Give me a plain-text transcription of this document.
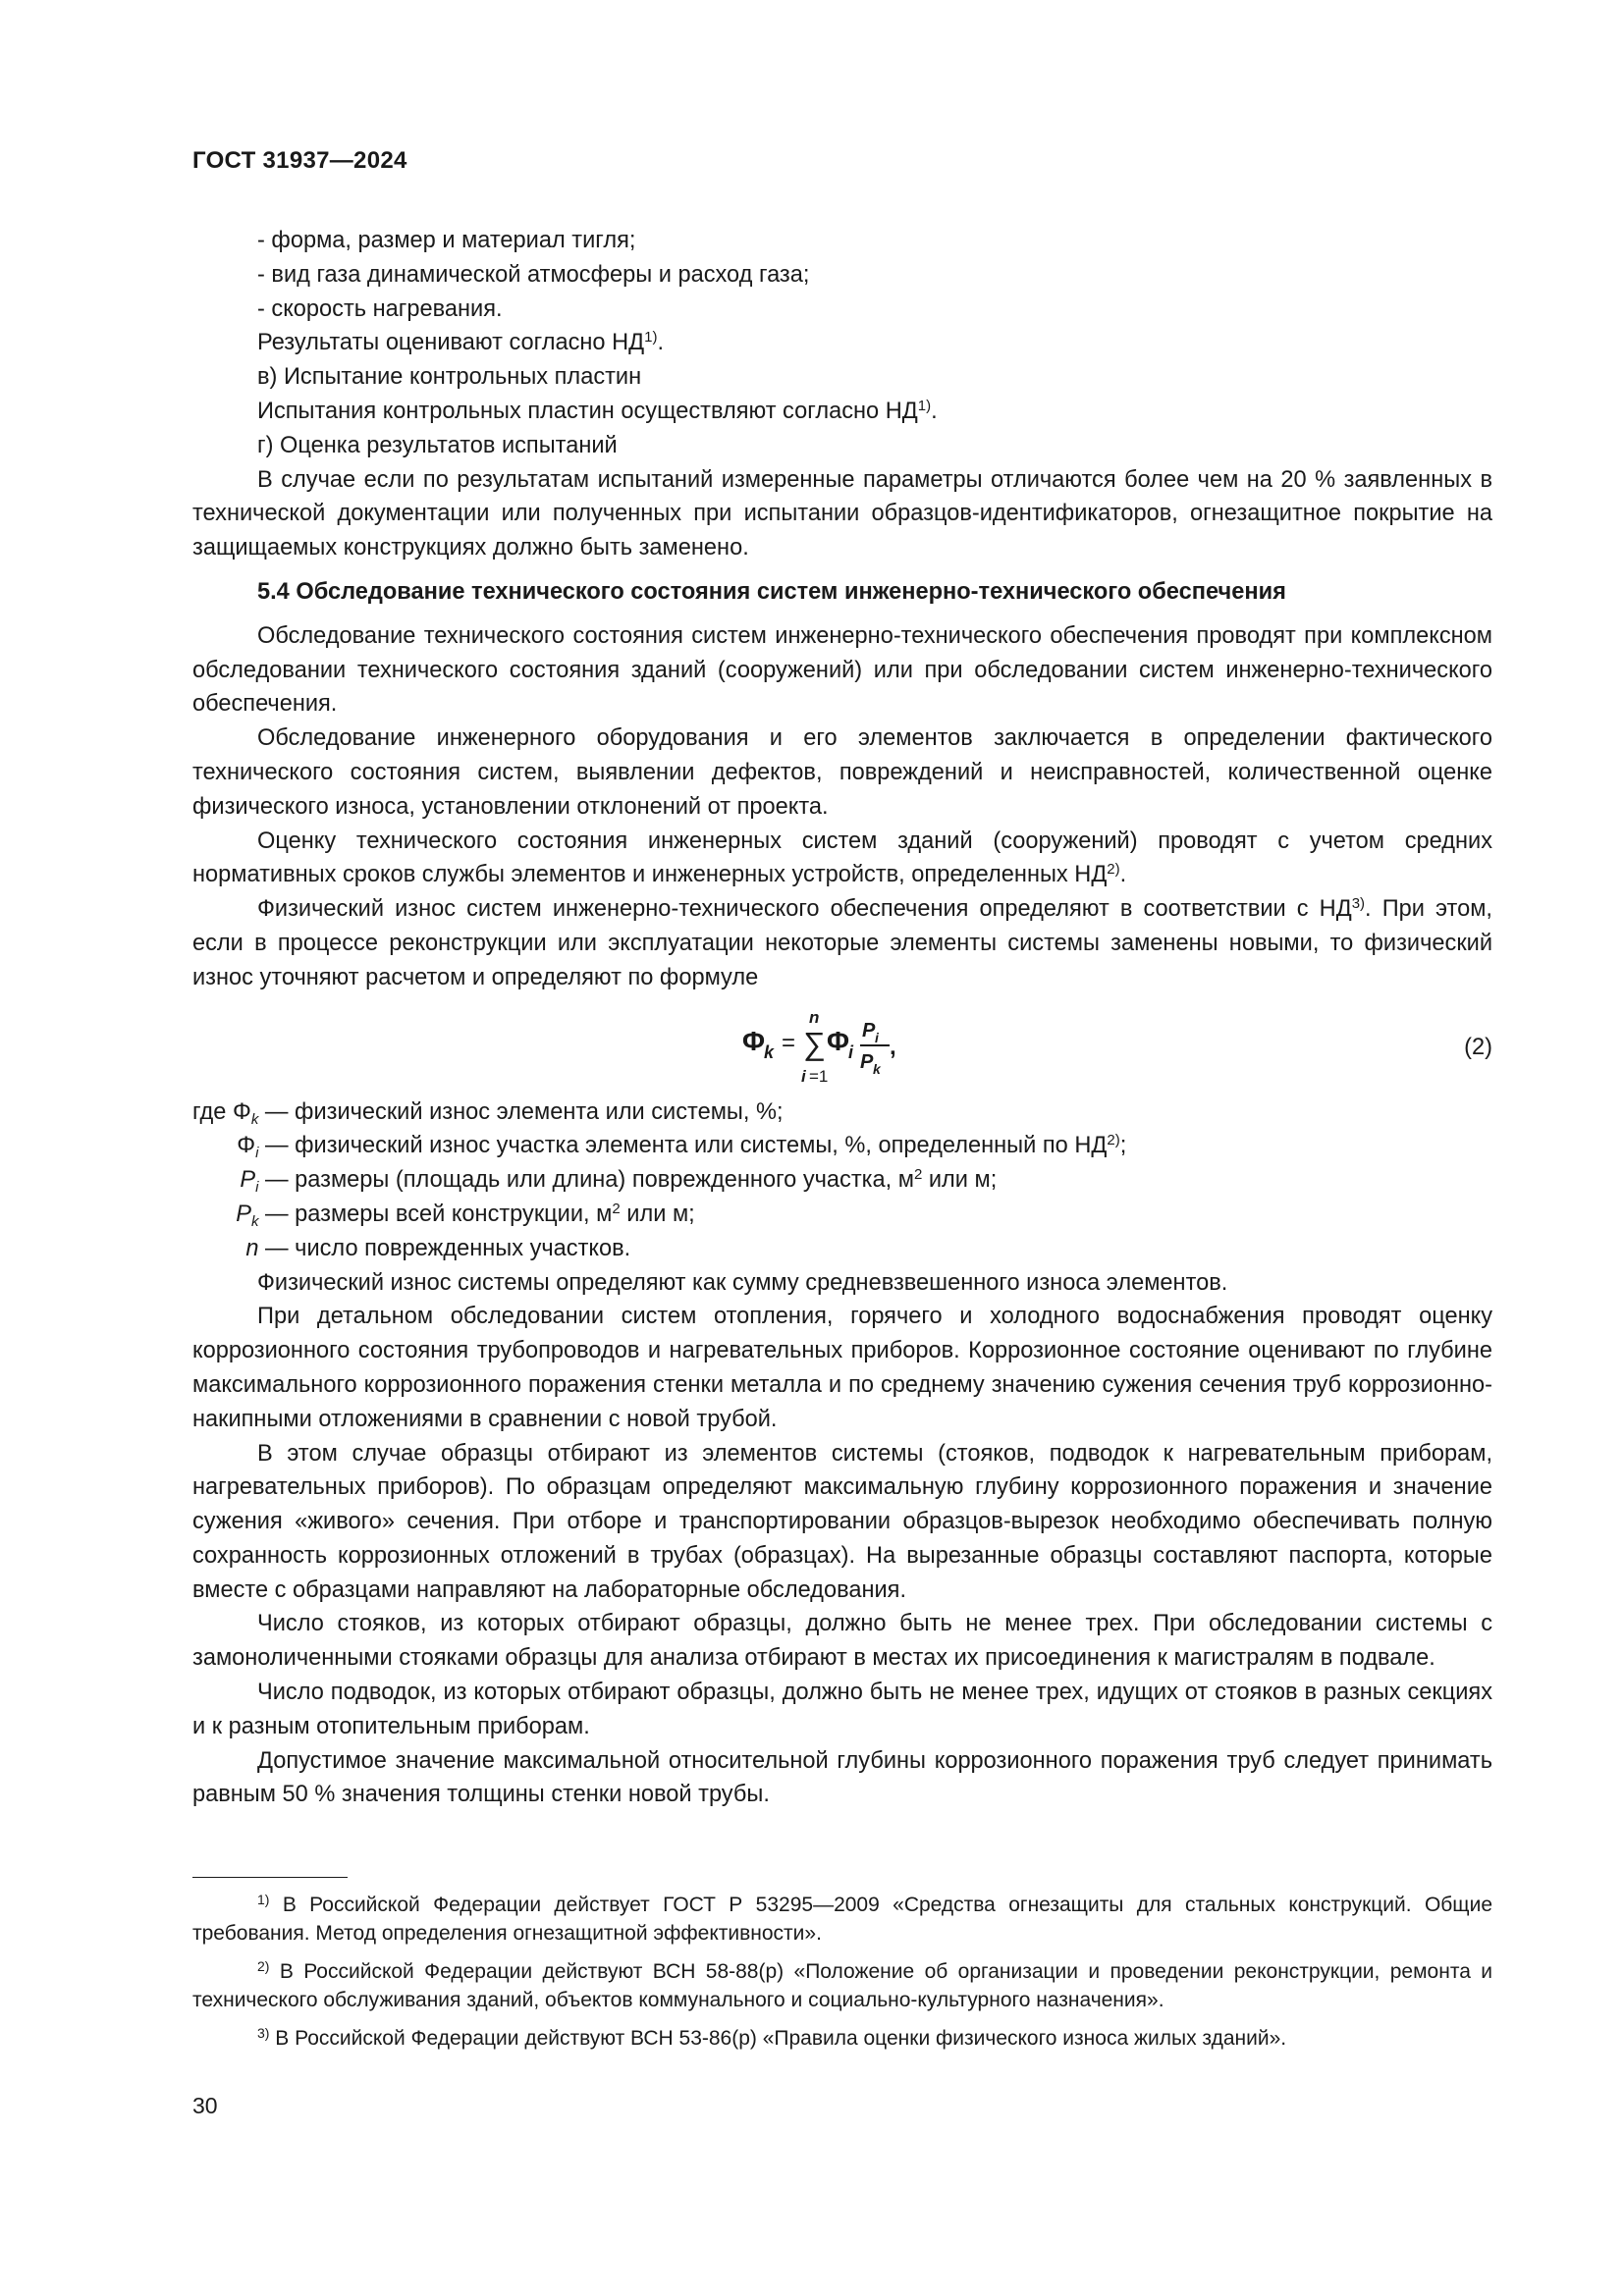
ГОСТ 31937—2024

- форма, размер и материал тигля;

- вид газа динамической атмосферы и расход газа;

- скорость нагревания.

Результаты оценивают согласно НД$^{1)}$.

в) Испытание контрольных пластин

Испытания контрольных пластин осуществляют согласно НД$^{1)}$.

г) Оценка результатов испытаний

В случае если по результатам испытаний измеренные параметры отличаются более чем на 20 % заявленных в технической документации или полученных при испытании образцов-идентификаторов, огнезащитное покрытие на защищаемых конструкциях должно быть заменено.

5.4 Обследование технического состояния систем инженерно-технического обеспечения

Обследование технического состояния систем инженерно-технического обеспечения проводят при комплексном обследовании технического состояния зданий (сооружений) или при обследовании систем инженерно-технического обеспечения.

Обследование инженерного оборудования и его элементов заключается в определении фактического технического состояния систем, выявлении дефектов, повреждений и неисправностей, количественной оценке физического износа, установлении отклонений от проекта.

Оценку технического состояния инженерных систем зданий (сооружений) проводят с учетом средних нормативных сроков службы элементов и инженерных устройств, определенных НД$^{2)}$.

Физический износ систем инженерно-технического обеспечения определяют в соответствии с НД$^{3)}$. При этом, если в процессе реконструкции или эксплуатации некоторые элементы системы заменены новыми, то физический износ уточняют расчетом и определяют по формуле

Φ k =
n
∑
i =1
Φ i
P i
P k
,	(2)
где $\Phi_k$ — физический износ элемента или системы, %;
$\Phi_i$ — физический износ участка элемента или системы, %, определенный по НД$^{2)}$;
$P_i$ — размеры (площадь или длина) поврежденного участка, $м^2$ или м;
$P_k$ — размеры всей конструкции, $м^2$ или м;
n — число поврежденных участков.

Физический износ системы определяют как сумму средневзвешенного износа элементов.

При детальном обследовании систем отопления, горячего и холодного водоснабжения проводят оценку коррозионного состояния трубопроводов и нагревательных приборов. Коррозионное состояние оценивают по глубине максимального коррозионного поражения стенки металла и по среднему значению сужения сечения труб коррозионно-накипными отложениями в сравнении с новой трубой.

В этом случае образцы отбирают из элементов системы (стояков, подводок к нагревательным приборам, нагревательных приборов). По образцам определяют максимальную глубину коррозионного поражения и значение сужения «живого» сечения. При отборе и транспортировании образцов-вырезок необходимо обеспечивать полную сохранность коррозионных отложений в трубах (образцах). На вырезанные образцы составляют паспорта, которые вместе с образцами направляют на лабораторные обследования.

Число стояков, из которых отбирают образцы, должно быть не менее трех. При обследовании системы с замоноличенными стояками образцы для анализа отбирают в местах их присоединения к магистралям в подвале.

Число подводок, из которых отбирают образцы, должно быть не менее трех, идущих от стояков в разных секциях и к разным отопительным приборам.

Допустимое значение максимальной относительной глубины коррозионного поражения труб следует принимать равным 50 % значения толщины стенки новой трубы.

$^{1)}$ В Российской Федерации действует ГОСТ Р 53295—2009 «Средства огнезащиты для стальных конструкций. Общие требования. Метод определения огнезащитной эффективности».

$^{2)}$ В Российской Федерации действуют ВСН 58-88(р) «Положение об организации и проведении реконструкции, ремонта и технического обслуживания зданий, объектов коммунального и социально-культурного назначения».

$^{3)}$ В Российской Федерации действуют ВСН 53-86(р) «Правила оценки физического износа жилых зданий».

30
